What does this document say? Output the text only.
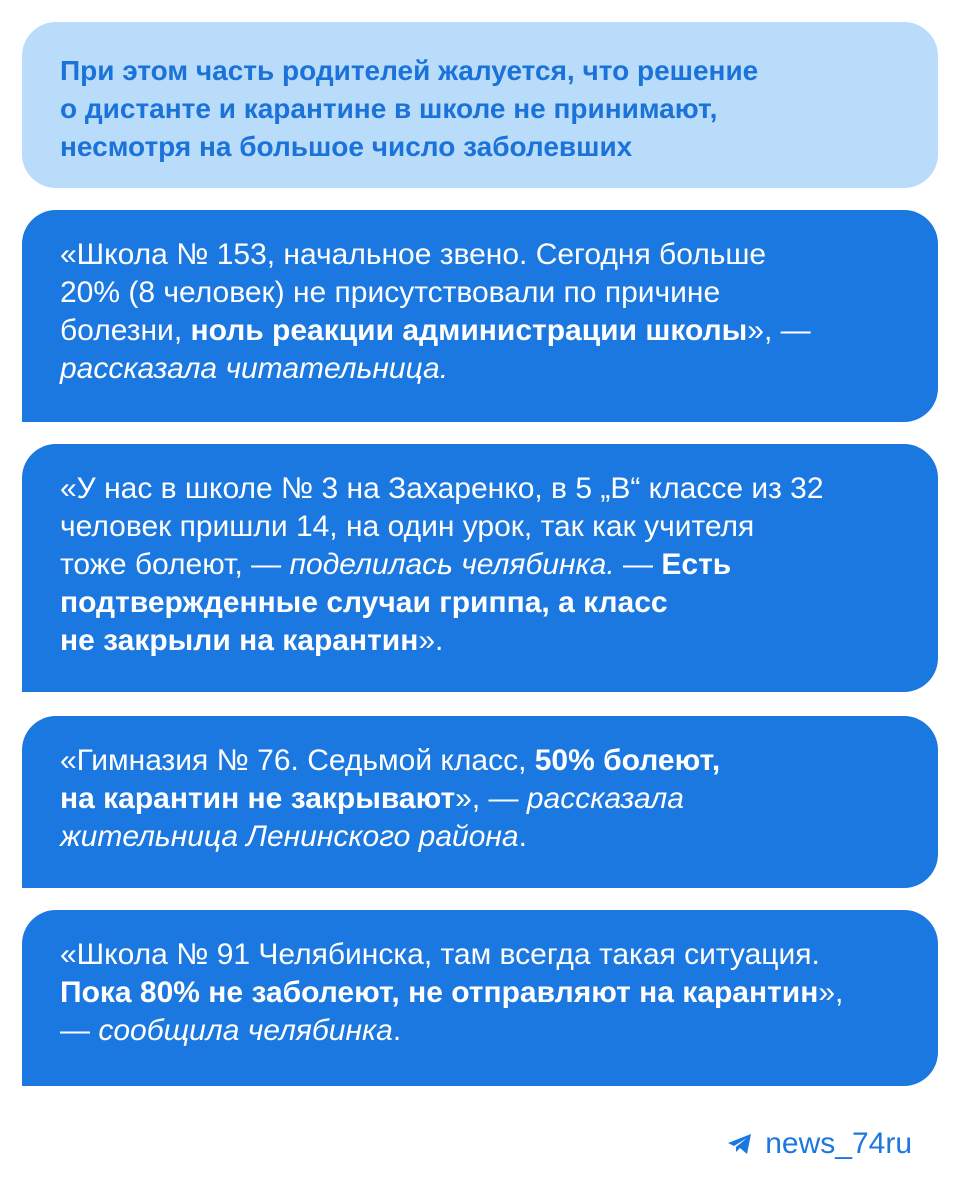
При этом часть родителей жалуется, что решение
о дистанте и карантине в школе не принимают,
несмотря на большое число заболевших

«Школа № 153, начальное звено. Сегодня больше
20% (8 человек) не присутствовали по причине
болезни, ноль реакции администрации школы», —
рассказала читательница.

«У нас в школе № 3 на Захаренко, в 5 „В“ классе из 32
человек пришли 14, на один урок, так как учителя
тоже болеют, — поделилась челябинка. — Есть
подтвержденные случаи гриппа, а класс
не закрыли на карантин».

«Гимназия № 76. Седьмой класс, 50% болеют,
на карантин не закрывают», — рассказала
жительница Ленинского района.

«Школа № 91 Челябинска, там всегда такая ситуация.
Пока 80% не заболеют, не отправляют на карантин»,
— сообщила челябинка.

news_74ru
